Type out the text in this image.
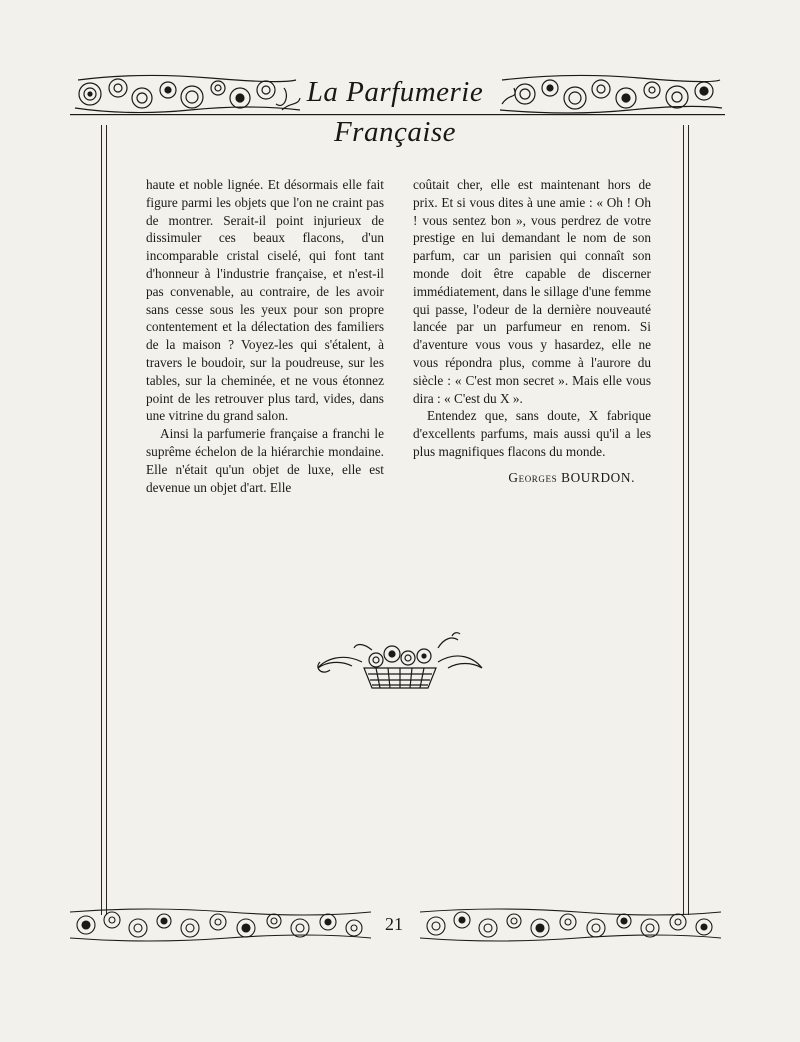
La Parfumerie Française

haute et noble lignée. Et désormais elle fait figure parmi les objets que l'on ne craint pas de montrer. Serait-il point injurieux de dissimuler ces beaux flacons, d'un incomparable cristal ciselé, qui font tant d'honneur à l'industrie française, et n'est-il pas convenable, au contraire, de les avoir sans cesse sous les yeux pour son propre contentement et la délectation des familiers de la maison ? Voyez-les qui s'étalent, à travers le boudoir, sur la poudreuse, sur les tables, sur la cheminée, et ne vous étonnez point de les retrouver plus tard, vides, dans une vitrine du grand salon.

Ainsi la parfumerie française a franchi le suprême échelon de la hiérarchie mondaine. Elle n'était qu'un objet de luxe, elle est devenue un objet d'art. Elle

coûtait cher, elle est maintenant hors de prix. Et si vous dites à une amie : « Oh ! Oh ! vous sentez bon », vous perdrez de votre prestige en lui demandant le nom de son parfum, car un parisien qui connaît son monde doit être capable de discerner immédiatement, dans le sillage d'une femme qui passe, l'odeur de la dernière nouveauté lancée par un parfumeur en renom. Si d'aventure vous vous y hasardez, elle ne vous répondra plus, comme à l'aurore du siècle : « C'est mon secret ». Mais elle vous dira : « C'est du X ».

Entendez que, sans doute, X fabrique d'excellents parfums, mais aussi qu'il a les plus magnifiques flacons du monde.

Georges BOURDON.
21
